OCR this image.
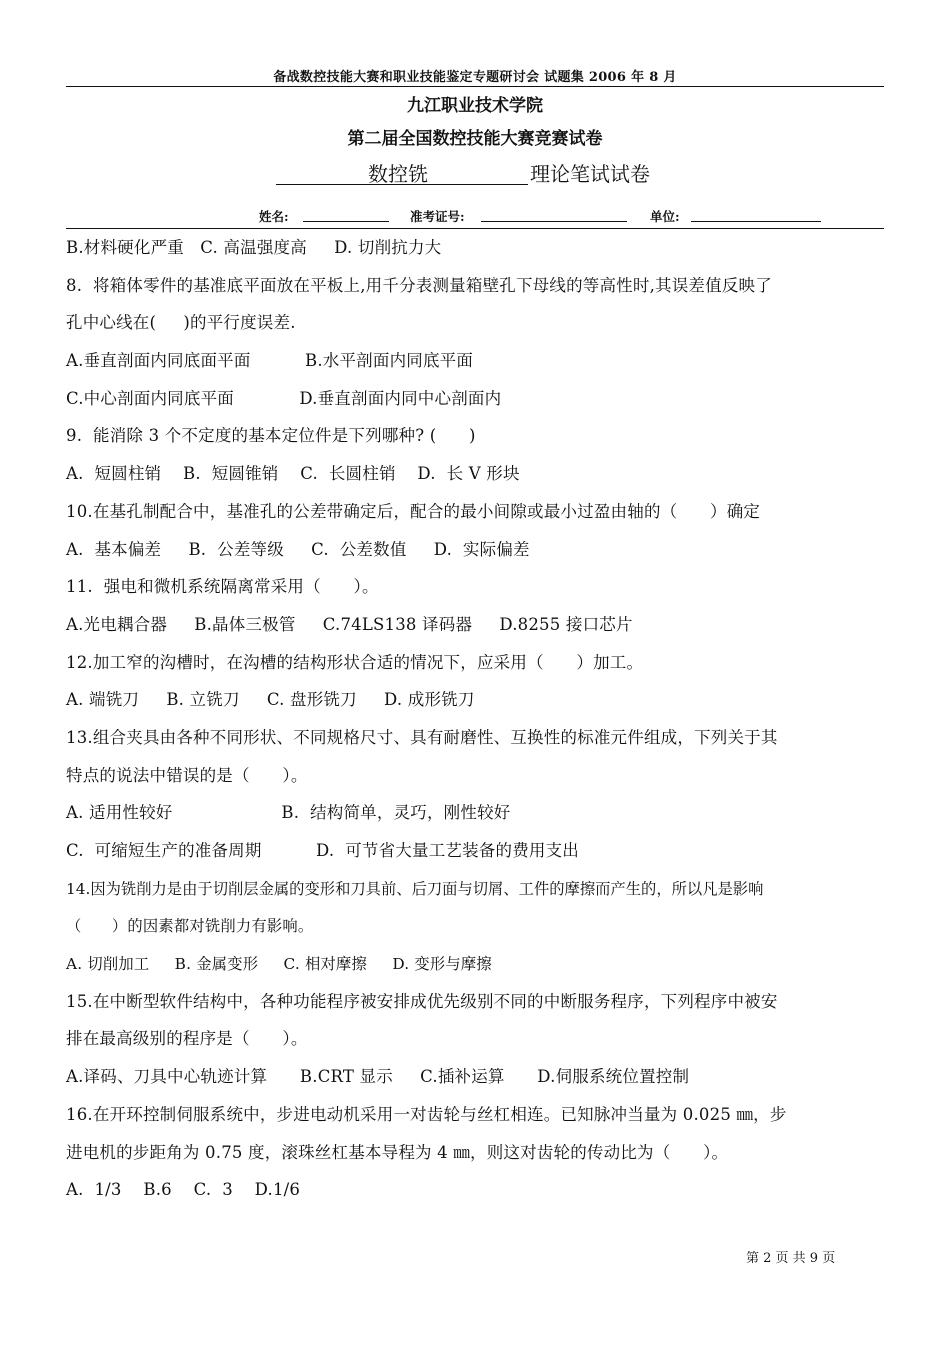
备战数控技能大赛和职业技能鉴定专题研讨会 试题集 2006 年 8 月
九江职业技术学院
第二届全国数控技能大赛竞赛试卷
数控铣	理论笔试试卷
姓名:	准考证号:	单位:
B.材料硬化严重   C. 高温强度高     D. 切削抗力大
8.  将箱体零件的基准底平面放在平板上,用千分表测量箱壁孔下母线的等高性时,其误差值反映了
孔中心线在(     )的平行度误差.
A.垂直剖面内同底面平面          B.水平剖面内同底平面
C.中心剖面内同底平面            D.垂直剖面内同中心剖面内
9.  能消除 3 个不定度的基本定位件是下列哪种? (      )
A.  短圆柱销    B.  短圆锥销    C.  长圆柱销    D.  长 V 形块
10.在基孔制配合中，基准孔的公差带确定后，配合的最小间隙或最小过盈由轴的（      ）确定
A.  基本偏差     B.  公差等级     C.  公差数值     D.  实际偏差
11.  强电和微机系统隔离常采用（      ）。
A.光电耦合器     B.晶体三极管     C.74LS138 译码器     D.8255 接口芯片
12.加工窄的沟槽时，在沟槽的结构形状合适的情况下，应采用（      ）加工。
A. 端铣刀     B. 立铣刀     C. 盘形铣刀     D. 成形铣刀
13.组合夹具由各种不同形状、不同规格尺寸、具有耐磨性、互换性的标准元件组成，下列关于其
特点的说法中错误的是（      ）。
A. 适用性较好                    B.  结构简单，灵巧，刚性较好
C.  可缩短生产的准备周期          D.  可节省大量工艺装备的费用支出
14.因为铣削力是由于切削层金属的变形和刀具前、后刀面与切屑、工件的摩擦而产生的，所以凡是影响
（      ）的因素都对铣削力有影响。
A. 切削加工     B. 金属变形     C. 相对摩擦     D. 变形与摩擦
15.在中断型软件结构中，各种功能程序被安排成优先级别不同的中断服务程序，下列程序中被安
排在最高级别的程序是（      ）。
A.译码、刀具中心轨迹计算      B.CRT 显示     C.插补运算      D.伺服系统位置控制
16.在开环控制伺服系统中，步进电动机采用一对齿轮与丝杠相连。已知脉冲当量为 0.025 ㎜，步
进电机的步距角为 0.75 度，滚珠丝杠基本导程为 4 ㎜，则这对齿轮的传动比为（      ）。
A.  1/3    B.6    C.  3    D.1/6
第 2 页 共 9 页
